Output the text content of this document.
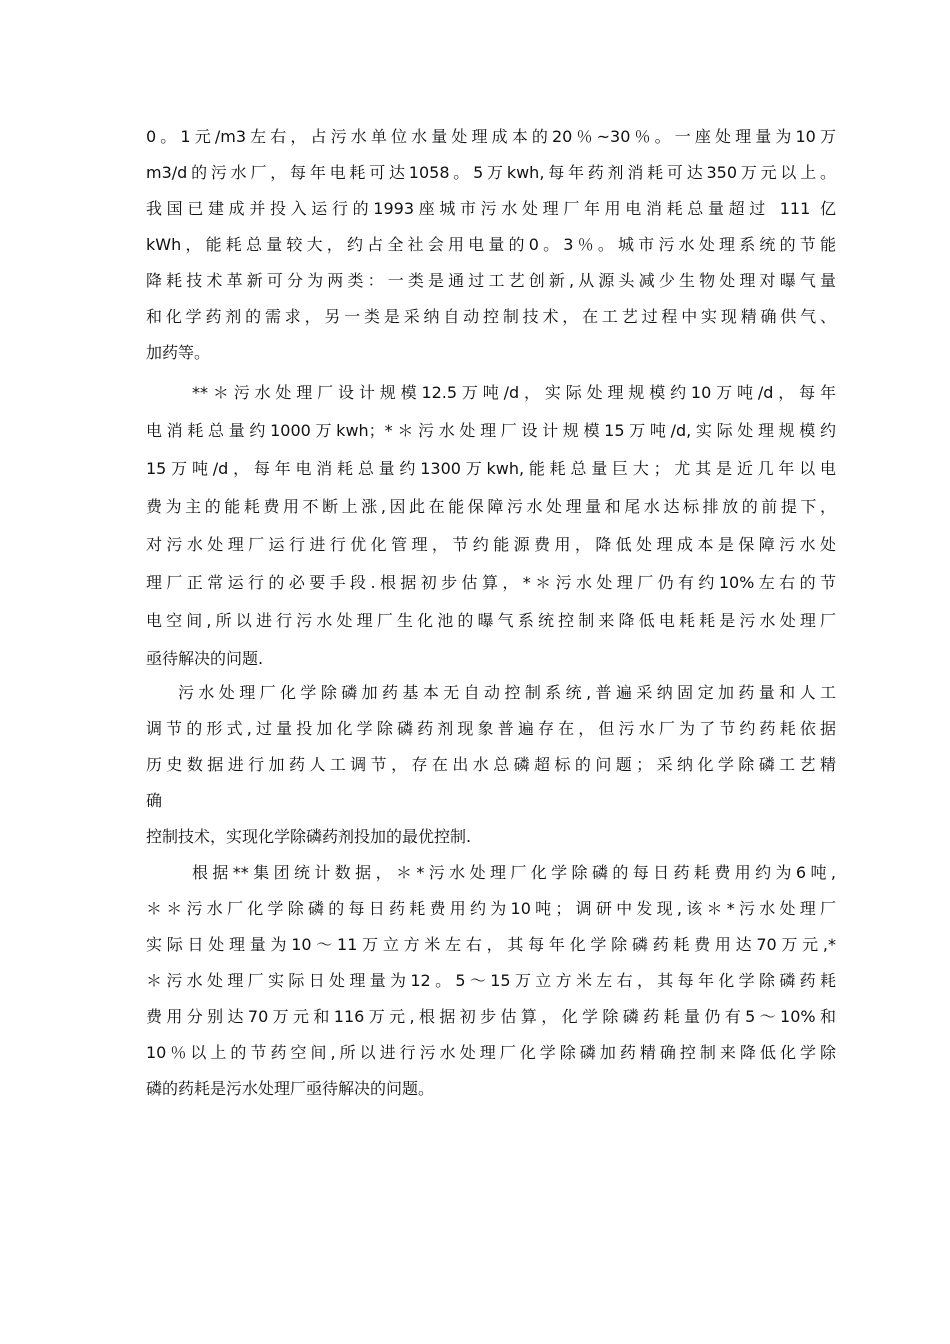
0。1元/m3左右，占污水单位水量处理成本的20％~30％。一座处理量为10万
m3/d的污水厂，每年电耗可达1058。5万kwh,每年药剂消耗可达350万元以上。
我国已建成并投入运行的1993座城市污水处理厂年用电消耗总量超过 111 亿
kWh，能耗总量较大，约占全社会用电量的0。3％。城市污水处理系统的节能
降耗技术革新可分为两类：一类是通过工艺创新,从源头减少生物处理对曝气量
和化学药剂的需求，另一类是采纳自动控制技术，在工艺过程中实现精确供气、
加药等。
**＊污水处理厂设计规模12.5万吨/d，实际处理规模约10万吨/d，每年
电消耗总量约1000万kwh；*＊污水处理厂设计规模15万吨/d,实际处理规模约
15万吨/d，每年电消耗总量约1300万kwh,能耗总量巨大；尤其是近几年以电
费为主的能耗费用不断上涨,因此在能保障污水处理量和尾水达标排放的前提下，
对污水处理厂运行进行优化管理，节约能源费用，降低处理成本是保障污水处
理厂正常运行的必要手段.根据初步估算，*＊污水处理厂仍有约10%左右的节
电空间,所以进行污水处理厂生化池的曝气系统控制来降低电耗耗是污水处理厂
亟待解决的问题.
污水处理厂化学除磷加药基本无自动控制系统,普遍采纳固定加药量和人工
调节的形式,过量投加化学除磷药剂现象普遍存在，但污水厂为了节约药耗依据
历史数据进行加药人工调节，存在出水总磷超标的问题；采纳化学除磷工艺精
确
控制技术，实现化学除磷药剂投加的最优控制.
根据**集团统计数据，＊*污水处理厂化学除磷的每日药耗费用约为6吨,
＊＊污水厂化学除磷的每日药耗费用约为10吨；调研中发现,该＊*污水处理厂
实际日处理量为10～11万立方米左右，其每年化学除磷药耗费用达70万元,*
＊污水处理厂实际日处理量为12。5～15万立方米左右，其每年化学除磷药耗
费用分别达70万元和116万元,根据初步估算，化学除磷药耗量仍有5～10%和
10％以上的节药空间,所以进行污水处理厂化学除磷加药精确控制来降低化学除
磷的药耗是污水处理厂亟待解决的问题。
